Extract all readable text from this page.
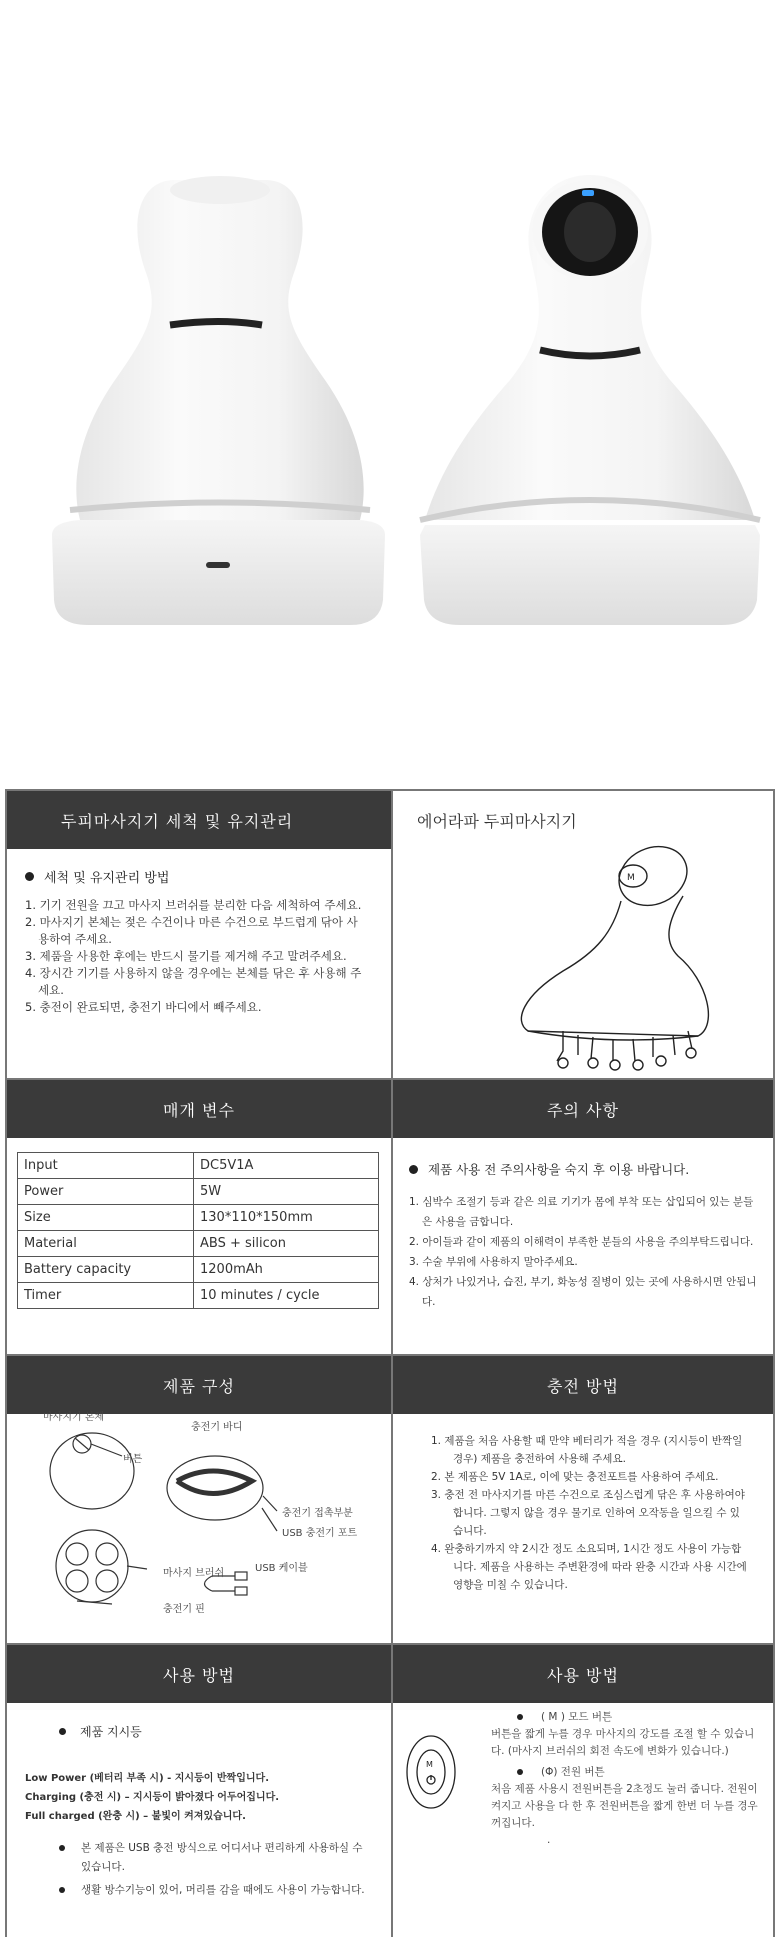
두피마사지기 세척 및 유지관리
세척 및 유지관리 방법
1. 기기 전원을 끄고 마사지 브러쉬를 분리한 다음 세척하여 주세요.
2. 마사지기 본체는 젖은 수건이나 마른 수건으로 부드럽게 닦아 사용하여 주세요.
3. 제품을 사용한 후에는 반드시 물기를 제거해 주고 말려주세요.
4. 장시간 기기를 사용하지 않을 경우에는 본체를 닦은 후 사용해 주세요.
5. 충전이 완료되면, 충전기 바디에서 빼주세요.
에어라파 두피마사지기
M
매개 변수
Input	DC5V1A
Power	5W
Size	130*110*150mm
Material	ABS + silicon
Battery capacity	1200mAh
Timer	10 minutes / cycle
주의 사항
제품 사용 전 주의사항을 숙지 후 이용 바랍니다.
1. 심박수 조절기 등과 같은 의료 기기가 몸에 부착 또는 삽입되어 있는 분들은 사용을 금합니다.
2. 아이들과 같이 제품의 이해력이 부족한 분들의 사용을 주의부탁드립니다.
3. 수술 부위에 사용하지 말아주세요.
4. 상처가 나있거나, 습진, 부기, 화농성 질병이 있는 곳에 사용하시면 안됩니다.
제품 구성
마사지기 본체
버튼
충전기 바디
충전기 접촉부분
USB 충전기 포트
마사지 브러쉬	USB 케이블
충전기 핀
충전 방법
1. 제품을 처음 사용할 때 만약 베터리가 적을 경우 (지시등이 반짝일 경우) 제품을 충전하여 사용해 주세요.
2. 본 제품은 5V 1A로, 이에 맞는 충전포트를 사용하여 주세요.
3. 충전 전 마사지기를 마른 수건으로 조심스럽게 닦은 후 사용하여야 합니다. 그렇지 않을 경우 물기로 인하여 오작동을 일으킬 수 있습니다.
4. 완충하기까지 약 2시간 정도 소요되며, 1시간 정도 사용이 가능합니다. 제품을 사용하는 주변환경에 따라 완충 시간과 사용 시간에 영향을 미칠 수 있습니다.
사용 방법
제품 지시등
Low Power (베터리 부족 시) - 지시등이 반짝입니다.
Charging (충전 시) – 지시등이 밝아졌다 어두어집니다.
Full charged (완충 시) – 불빛이 켜져있습니다.
본 제품은 USB 충전 방식으로 어디서나 편리하게 사용하실 수 있습니다.
생활 방수기능이 있어, 머리를 감을 때에도 사용이 가능합니다.
사용 방법
M
( M ) 모드 버튼
버튼을 짧게 누를 경우 마사지의 강도를 조절 할 수 있습니다. (마사지 브러쉬의 회전 속도에 변화가 있습니다.)
(Φ) 전원 버튼
처음 제품 사용시 전원버튼을 2초정도 눌러 줍니다. 전원이 켜지고 사용을 다 한 후 전원버튼을 짧게 한번 더 누를 경우 꺼집니다.
.
